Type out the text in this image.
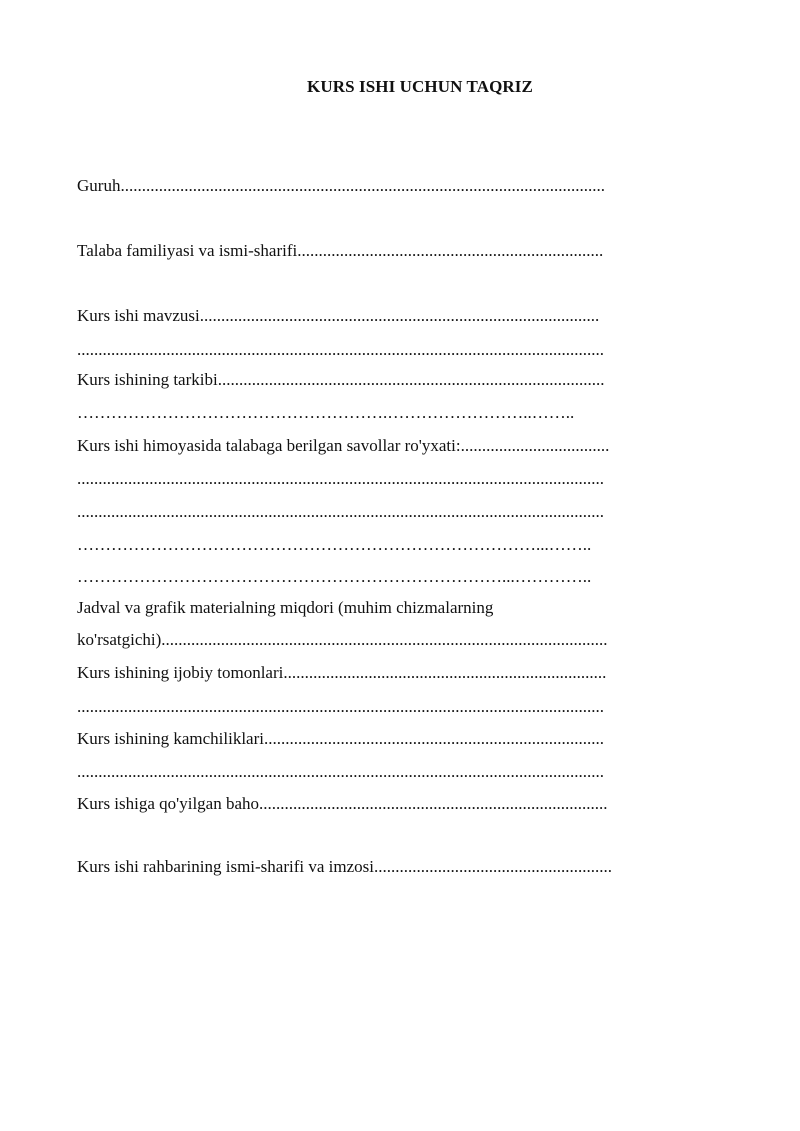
KURS ISHI UCHUN TAQRIZ
Guruh..................................................................................................................
Talaba familiyasi va ismi-sharifi........................................................................
Kurs ishi mavzusi..............................................................................................
............................................................................................................................
Kurs ishining tarkibi...........................................................................................
……………………………………………….……………………..……..
Kurs ishi himoyasida talabaga berilgan savollar ro'yxati:...................................
............................................................................................................................
............................................................................................................................
………………………………………………………………………...……..
…………………………………………………………………...…………..
Jadval va grafik materialning miqdori (muhim chizmalarning
ko'rsatgichi).........................................................................................................
Kurs ishining ijobiy tomonlari............................................................................
............................................................................................................................
Kurs ishining kamchiliklari................................................................................
............................................................................................................................
Kurs ishiga qo'yilgan baho..................................................................................
Kurs ishi rahbarining ismi-sharifi va imzosi........................................................
